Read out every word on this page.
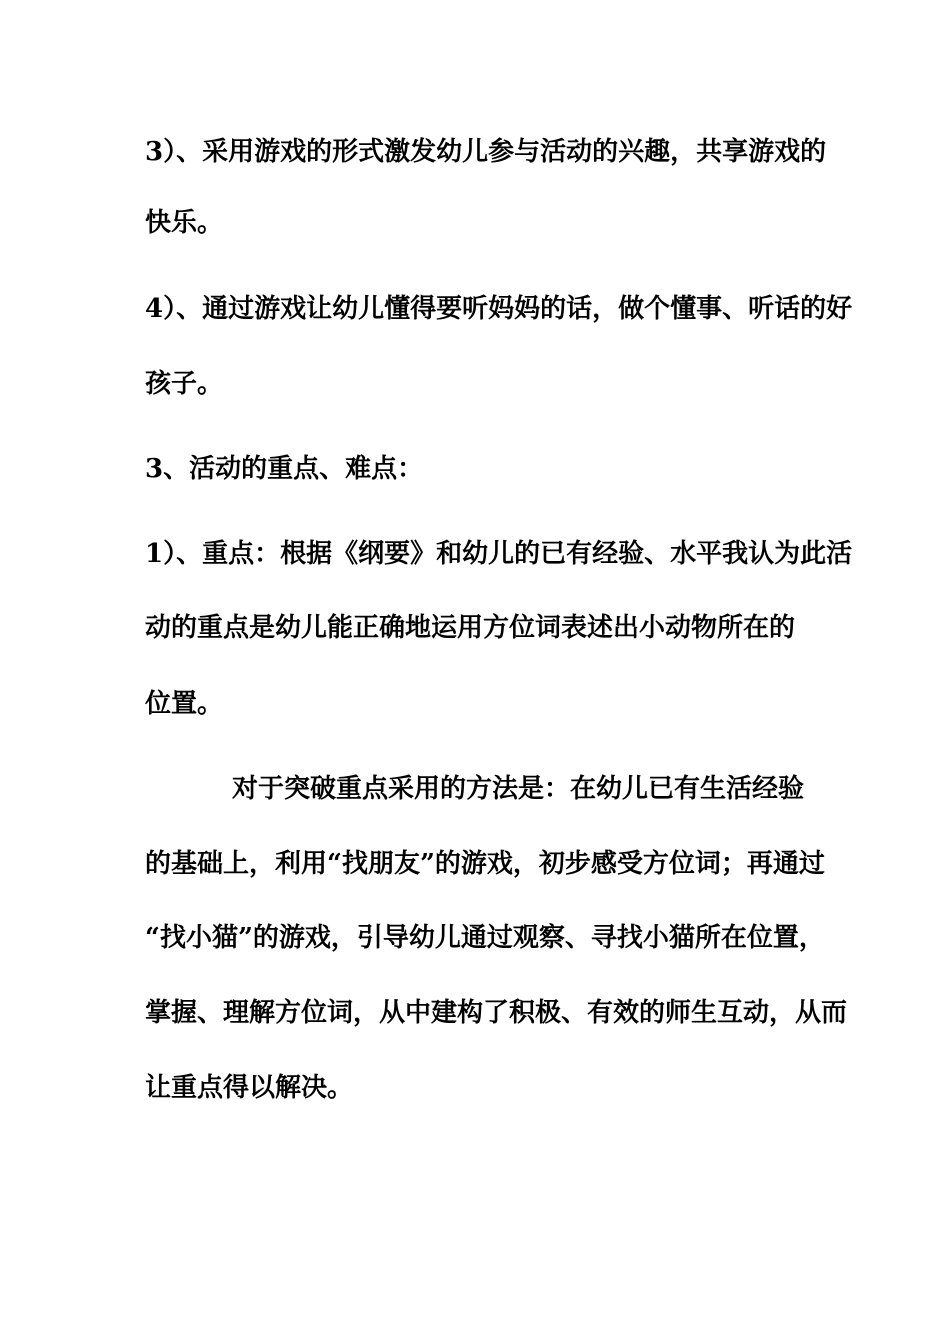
3）、采用游戏的形式激发幼儿参与活动的兴趣，共享游戏的
快乐。
4）、通过游戏让幼儿懂得要听妈妈的话，做个懂事、听话的好
孩子。
3、活动的重点、难点：
1）、重点：根据《纲要》和幼儿的已有经验、水平我认为此活
动的重点是幼儿能正确地运用方位词表述出小动物所在的
位置。
对于突破重点采用的方法是：在幼儿已有生活经验
的基础上，利用“找朋友”的游戏，初步感受方位词；再通过
“找小猫”的游戏，引导幼儿通过观察、寻找小猫所在位置，
掌握、理解方位词，从中建构了积极、有效的师生互动，从而
让重点得以解决。
